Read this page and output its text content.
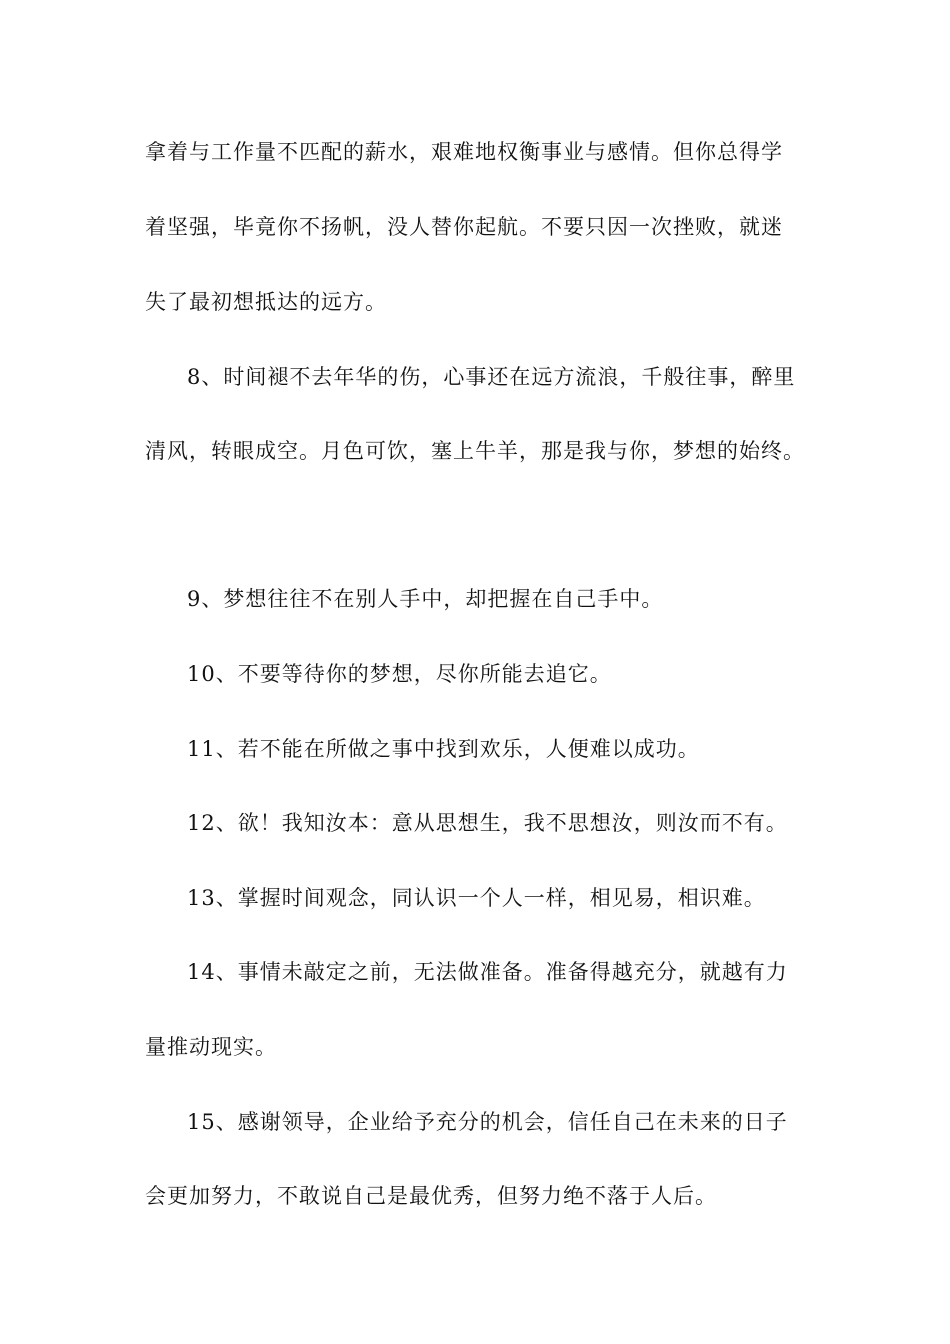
拿着与工作量不匹配的薪水，艰难地权衡事业与感情。但你总得学
着坚强，毕竟你不扬帆，没人替你起航。不要只因一次挫败，就迷
失了最初想抵达的远方。
8、时间褪不去年华的伤，心事还在远方流浪，千般往事，醉里
清风，转眼成空。月色可饮，塞上牛羊，那是我与你，梦想的始终。
9、梦想往往不在别人手中，却把握在自己手中。
10、不要等待你的梦想，尽你所能去追它。
11、若不能在所做之事中找到欢乐，人便难以成功。
12、欲！我知汝本：意从思想生，我不思想汝，则汝而不有。
13、掌握时间观念，同认识一个人一样，相见易，相识难。
14、事情未敲定之前，无法做准备。准备得越充分，就越有力
量推动现实。
15、感谢领导，企业给予充分的机会，信任自己在未来的日子
会更加努力，不敢说自己是最优秀，但努力绝不落于人后。
